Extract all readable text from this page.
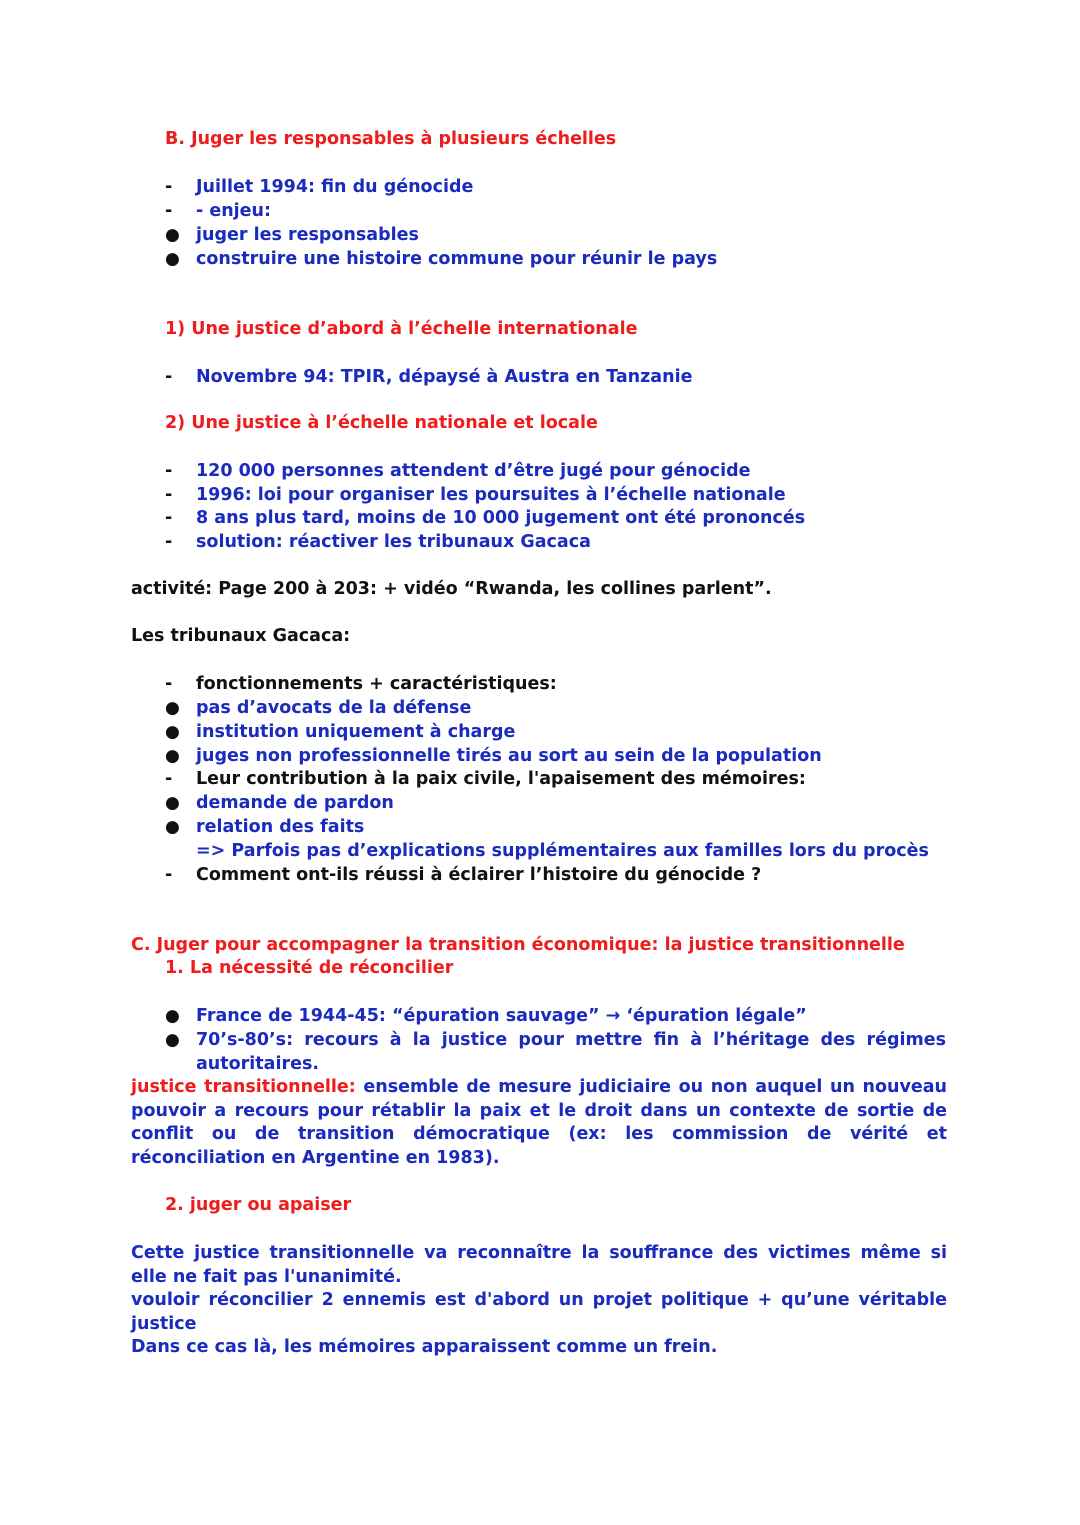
B. Juger les responsables à plusieurs échelles
- Juillet 1994: fin du génocide
- - enjeu:
● juger les responsables
● construire une histoire commune pour réunir le pays
1) Une justice d’abord à l’échelle internationale
- Novembre 94: TPIR, dépaysé à Austra en Tanzanie
2) Une justice à l’échelle nationale et locale
- 120 000 personnes attendent d’être jugé pour génocide
- 1996: loi pour organiser les poursuites à l’échelle nationale
- 8 ans plus tard, moins de 10 000 jugement ont été prononcés
- solution: réactiver les tribunaux Gacaca
activité: Page 200 à 203: + vidéo “Rwanda, les collines parlent”.
Les tribunaux Gacaca:
- fonctionnements + caractéristiques:
● pas d’avocats de la défense
● institution uniquement à charge
● juges non professionnelle tirés au sort au sein de la population
- Leur contribution à la paix civile, l'apaisement des mémoires:
● demande de pardon
● relation des faits
=> Parfois pas d’explications supplémentaires aux familles lors du procès
- Comment ont-ils réussi à éclairer l’histoire du génocide ?
C. Juger pour accompagner la transition économique: la justice transitionnelle
1. La nécessité de réconcilier
● France de 1944-45: “épuration sauvage” → ‘épuration légale”
● 70’s-80’s: recours à la justice pour mettre fin à l’héritage des régimes autoritaires.
justice transitionnelle: ensemble de mesure judiciaire ou non auquel un nouveau pouvoir a recours pour rétablir la paix et le droit dans un contexte de sortie de conflit ou de transition démocratique (ex: les commission de vérité et réconciliation en Argentine en 1983).
2. juger ou apaiser
Cette justice transitionnelle va reconnaître la souffrance des victimes même si elle ne fait pas l'unanimité.
vouloir réconcilier 2 ennemis est d'abord un projet politique + qu’une véritable justice
Dans ce cas là, les mémoires apparaissent comme un frein.
